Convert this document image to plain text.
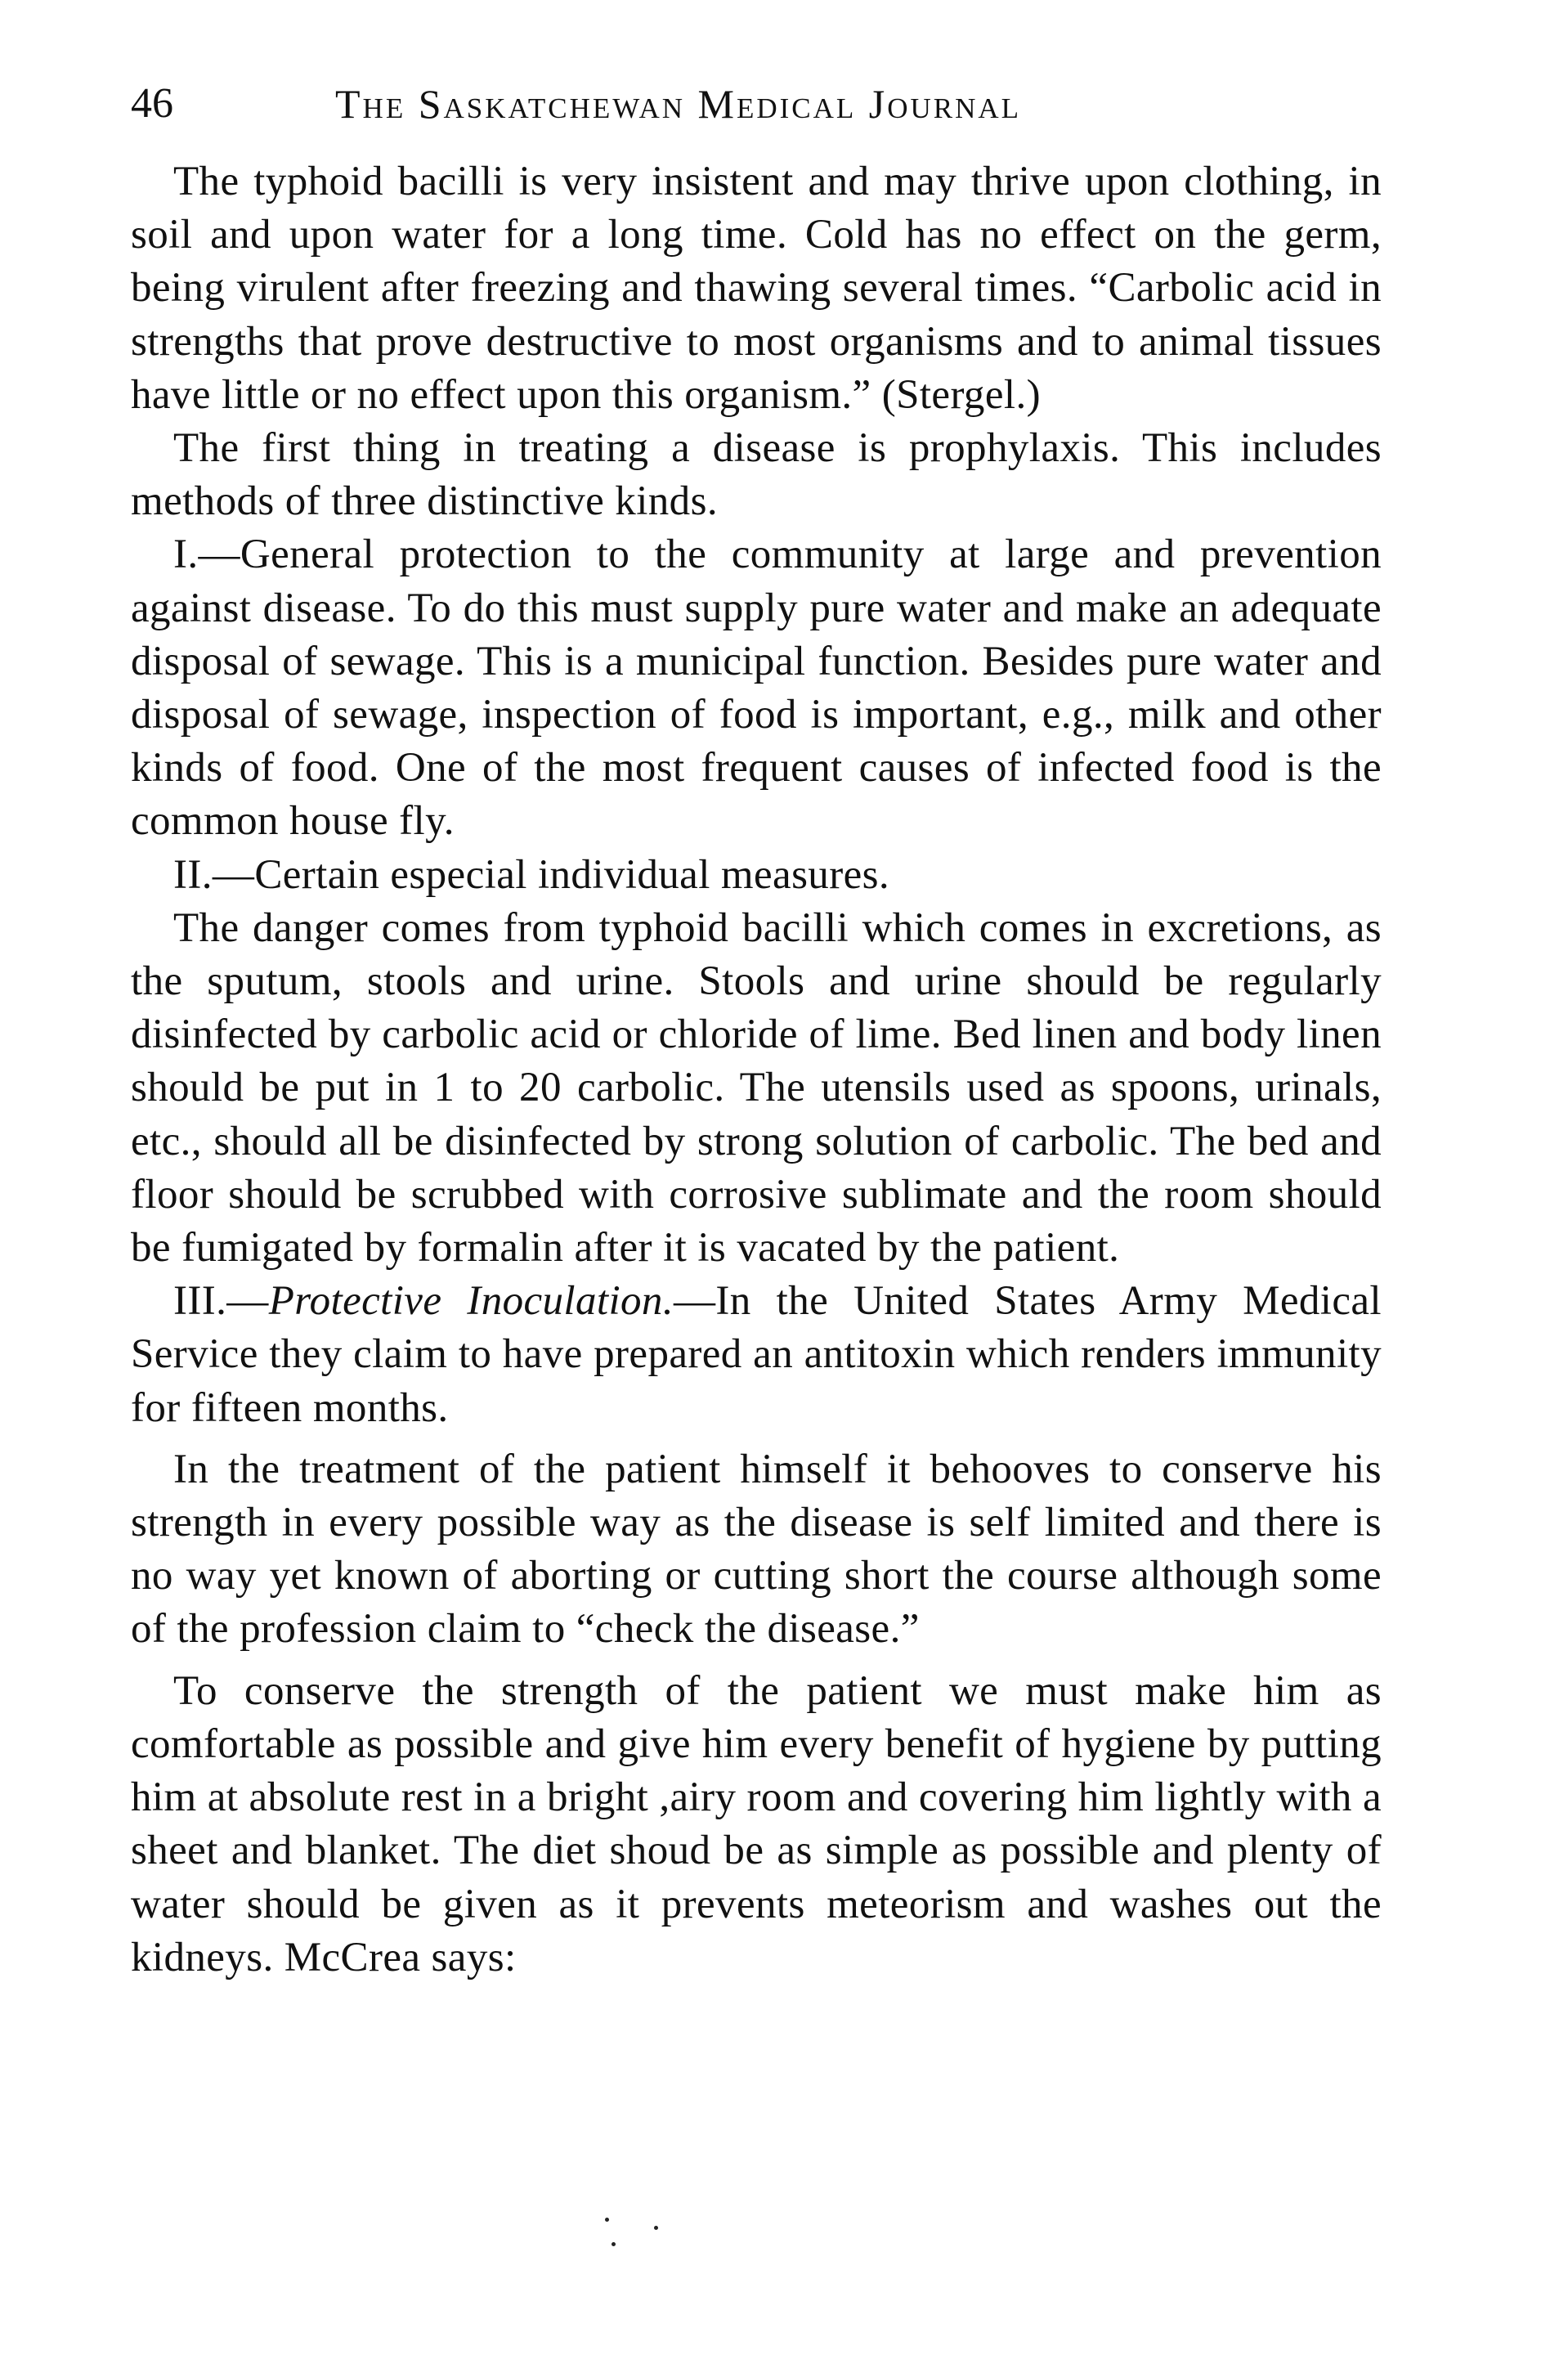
46	The Saskatchewan Medical Journal

The typhoid bacilli is very insistent and may thrive upon clothing, in soil and upon water for a long time. Cold has no effect on the germ, being virulent after freezing and thawing several times. “Carbolic acid in strengths that prove destructive to most organisms and to animal tissues have little or no effect upon this organism.” (Stergel.)

The first thing in treating a disease is prophylaxis. This includes methods of three distinctive kinds.

I.—General protection to the community at large and prevention against disease. To do this must supply pure water and make an adequate disposal of sewage. This is a municipal function. Besides pure water and disposal of sewage, inspection of food is important, e.g., milk and other kinds of food. One of the most frequent causes of infected food is the common house fly.

II.—Certain especial individual measures.

The danger comes from typhoid bacilli which comes in excretions, as the sputum, stools and urine. Stools and urine should be regularly disinfected by carbolic acid or chloride of lime. Bed linen and body linen should be put in 1 to 20 carbolic. The utensils used as spoons, urinals, etc., should all be disinfected by strong solution of carbolic. The bed and floor should be scrubbed with corrosive sublimate and the room should be fumigated by formalin after it is vacated by the patient.

III.—Protective Inoculation.—In the United States Army Medical Service they claim to have prepared an antitoxin which renders immunity for fifteen months.

In the treatment of the patient himself it behooves to conserve his strength in every possible way as the disease is self limited and there is no way yet known of aborting or cutting short the course although some of the profession claim to “check the disease.”

To conserve the strength of the patient we must make him as comfortable as possible and give him every benefit of hygiene by putting him at absolute rest in a bright ,airy room and covering him lightly with a sheet and blanket. The diet shoud be as simple as possible and plenty of water should be given as it prevents meteorism and washes out the kidneys. McCrea says:
